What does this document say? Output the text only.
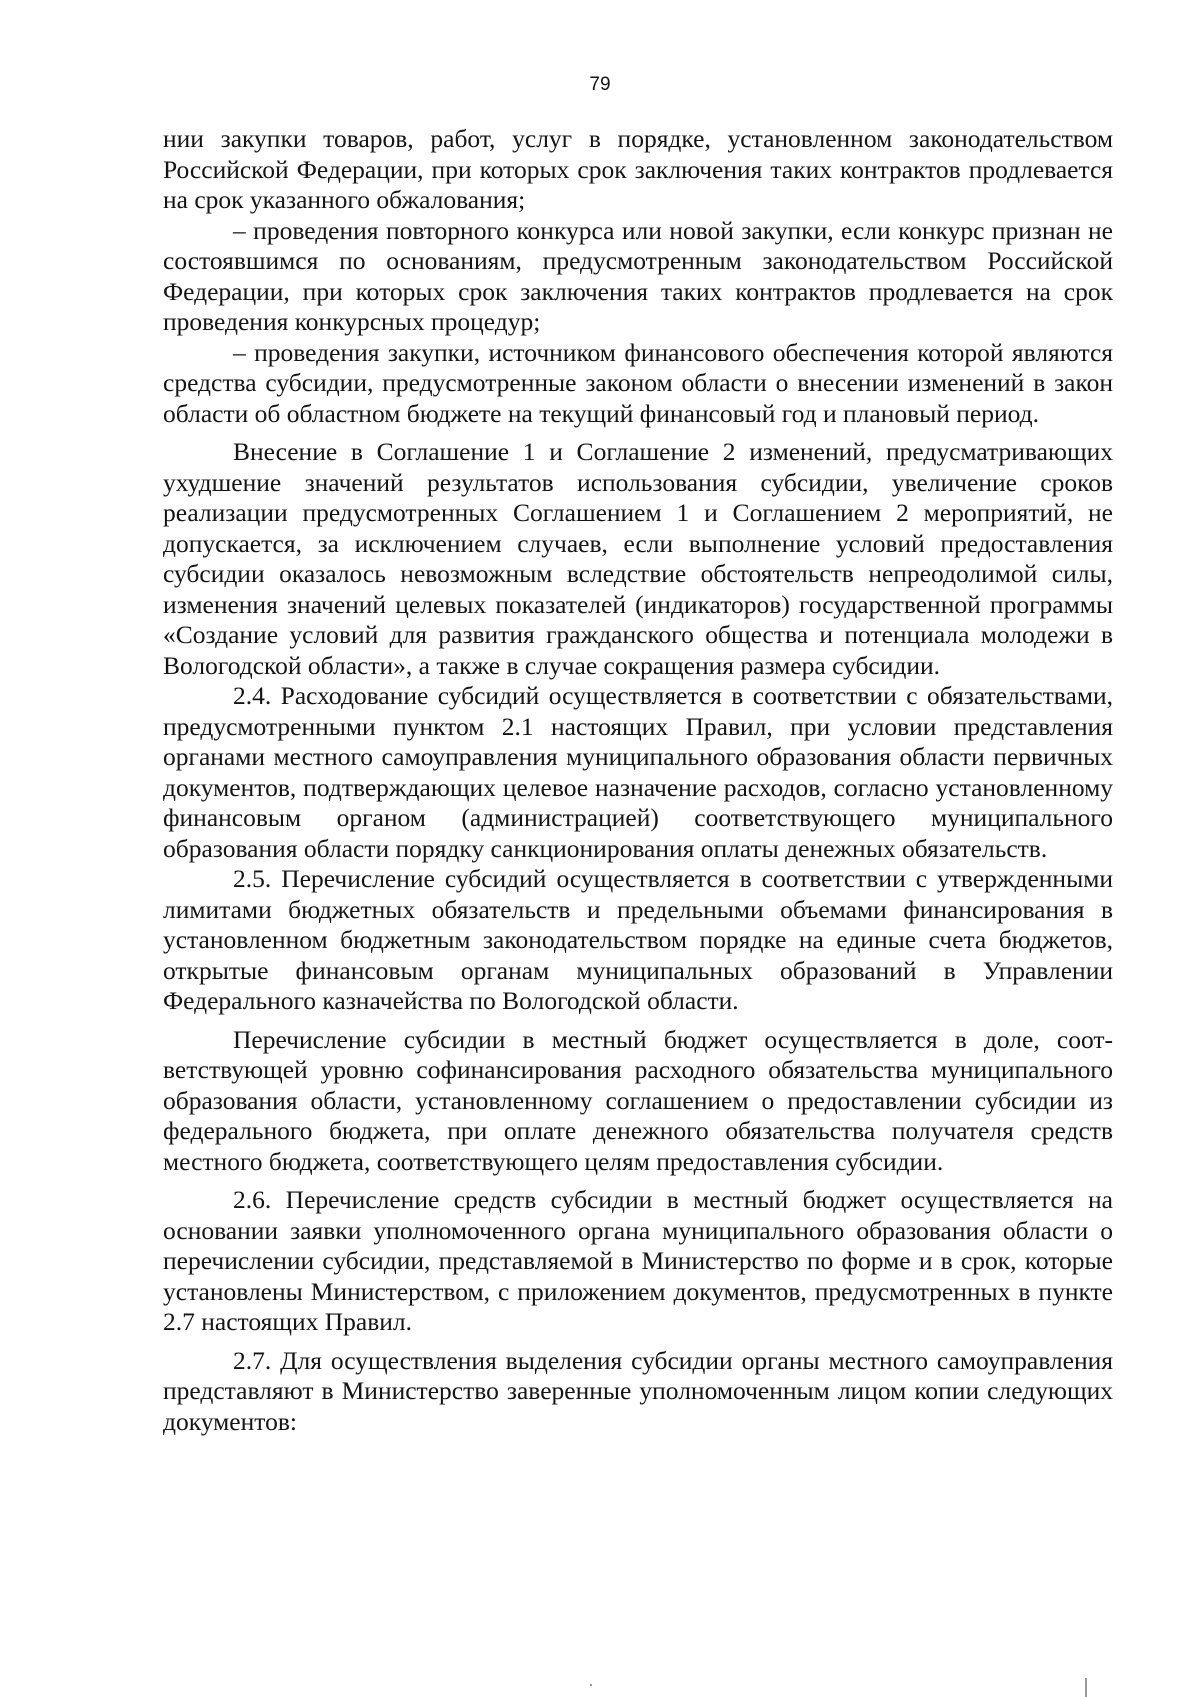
79

нии закупки товаров, работ, услуг в порядке, установленном законодательством Российской Федерации, при которых срок заключения таких контрактов продлевается на срок указанного обжалования;

– проведения повторного конкурса или новой закупки, если конкурс признан не состоявшимся по основаниям, предусмотренным законодательством Российской Федерации, при которых срок заключения таких контрактов продлевается на срок проведения конкурсных процедур;

– проведения закупки, источником финансового обеспечения которой являются средства субсидии, предусмотренные законом области о внесении изменений в закон области об областном бюджете на текущий финансовый год и плановый период.

Внесение в Соглашение 1 и Соглашение 2 изменений, предусматривающих ухудшение значений результатов использования субсидии, увеличение сроков реализации предусмотренных Соглашением 1 и Соглашением 2 мероприятий, не допускается, за исключением случаев, если выполнение условий предоставления субсидии оказалось невозможным вследствие обстоятельств непреодолимой силы, изменения значений целевых показателей (индикаторов) государственной программы «Создание условий для развития гражданского общества и потенциала молодежи в Вологодской области», а также в случае сокращения размера субсидии.

2.4. Расходование субсидий осуществляется в соответствии с обязательствами, предусмотренными пунктом 2.1 настоящих Правил, при условии представления органами местного самоуправления муниципального образования области первичных документов, подтверждающих целевое назначение расходов, согласно установленному финансовым органом (администрацией) соответствующего муниципального образования области порядку санкционирования оплаты денежных обязательств.

2.5. Перечисление субсидий осуществляется в соответствии с утвержденными лимитами бюджетных обязательств и предельными объемами финансирования в установленном бюджетным законодательством порядке на единые счета бюджетов, открытые финансовым органам муниципальных образований в Управлении Федерального казначейства по Вологодской области.

Перечисление субсидии в местный бюджет осуществляется в доле, соответствующей уровню софинансирования расходного обязательства муниципального образования области, установленному соглашением о предоставлении субсидии из федерального бюджета, при оплате денежного обязательства получателя средств местного бюджета, соответствующего целям предоставления субсидии.

2.6. Перечисление средств субсидии в местный бюджет осуществляется на основании заявки уполномоченного органа муниципального образования области о перечислении субсидии, представляемой в Министерство по форме и в срок, которые установлены Министерством, с приложением документов, предусмотренных в пункте 2.7 настоящих Правил.

2.7. Для осуществления выделения субсидии органы местного самоуправления представляют в Министерство заверенные уполномоченным лицом копии следующих документов:
